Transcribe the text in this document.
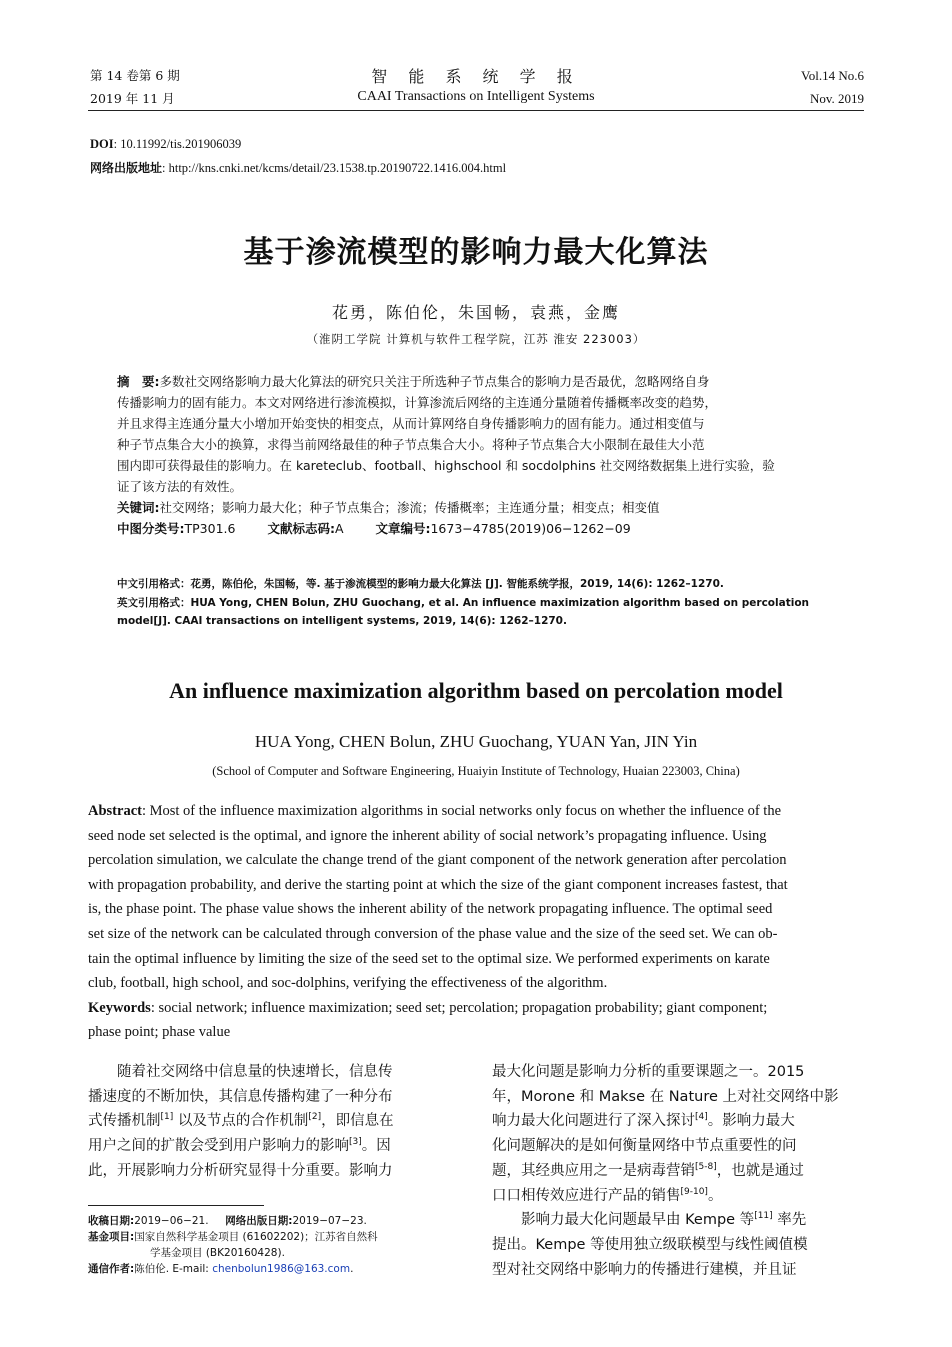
第 14 卷第 6 期
2019 年 11 月
智 能 系 统 学 报
CAAI Transactions on Intelligent Systems
Vol.14 No.6
Nov. 2019
DOI: 10.11992/tis.201906039
网络出版地址: http://kns.cnki.net/kcms/detail/23.1538.tp.20190722.1416.004.html
基于渗流模型的影响力最大化算法
花勇，陈伯伦，朱国畅，袁燕，金鹰
（淮阴工学院 计算机与软件工程学院，江苏 淮安 223003）
摘　要:多数社交网络影响力最大化算法的研究只关注于所选种子节点集合的影响力是否最优，忽略网络自身
传播影响力的固有能力。本文对网络进行渗流模拟，计算渗流后网络的主连通分量随着传播概率改变的趋势，
并且求得主连通分量大小增加开始变快的相变点，从而计算网络自身传播影响力的固有能力。通过相变值与
种子节点集合大小的换算，求得当前网络最佳的种子节点集合大小。将种子节点集合大小限制在最佳大小范
围内即可获得最佳的影响力。在 kareteclub、football、highschool 和 socdolphins 社交网络数据集上进行实验，验
证了该方法的有效性。
关键词:社交网络；影响力最大化；种子节点集合；渗流；传播概率；主连通分量；相变点；相变值
中图分类号:TP301.6	文献标志码:A	文章编号:1673−4785(2019)06−1262−09
中文引用格式：花勇，陈伯伦，朱国畅，等. 基于渗流模型的影响力最大化算法 [J]. 智能系统学报，2019, 14(6): 1262–1270.
英文引用格式：HUA Yong, CHEN Bolun, ZHU Guochang, et al. An influence maximization algorithm based on percolation
model[J]. CAAI transactions on intelligent systems, 2019, 14(6): 1262–1270.
An influence maximization algorithm based on percolation model
HUA Yong, CHEN Bolun, ZHU Guochang, YUAN Yan, JIN Yin
(School of Computer and Software Engineering, Huaiyin Institute of Technology, Huaian 223003, China)
Abstract: Most of the influence maximization algorithms in social networks only focus on whether the influence of the
seed node set selected is the optimal, and ignore the inherent ability of social network’s propagating influence. Using
percolation simulation, we calculate the change trend of the giant component of the network generation after percolation
with propagation probability, and derive the starting point at which the size of the giant component increases fastest, that
is, the phase point. The phase value shows the inherent ability of the network propagating influence. The optimal seed
set size of the network can be calculated through conversion of the phase value and the size of the seed set. We can ob-
tain the optimal influence by limiting the size of the seed set to the optimal size. We performed experiments on karate
club, football, high school, and soc-dolphins, verifying the effectiveness of the algorithm.
Keywords: social network; influence maximization; seed set; percolation; propagation probability; giant component;
phase point; phase value
　　随着社交网络中信息量的快速增长，信息传
播速度的不断加快，其信息传播构建了一种分布
式传播机制[1] 以及节点的合作机制[2]，即信息在
用户之间的扩散会受到用户影响力的影响[3]。因
此，开展影响力分析研究显得十分重要。影响力
收稿日期:2019−06−21. 网络出版日期:2019−07−23.
基金项目:国家自然科学基金项目 (61602202)；江苏省自然科
学基金项目 (BK20160428).
通信作者:陈伯伦. E-mail: chenbolun1986@163.com.
最大化问题是影响力分析的重要课题之一。2015
年，Morone 和 Makse 在 Nature 上对社交网络中影
响力最大化问题进行了深入探讨[4]。影响力最大
化问题解决的是如何衡量网络中节点重要性的问
题，其经典应用之一是病毒营销[5-8]，也就是通过
口口相传效应进行产品的销售[9-10]。
　　影响力最大化问题最早由 Kempe 等[11] 率先
提出。Kempe 等使用独立级联模型与线性阈值模
型对社交网络中影响力的传播进行建模，并且证
